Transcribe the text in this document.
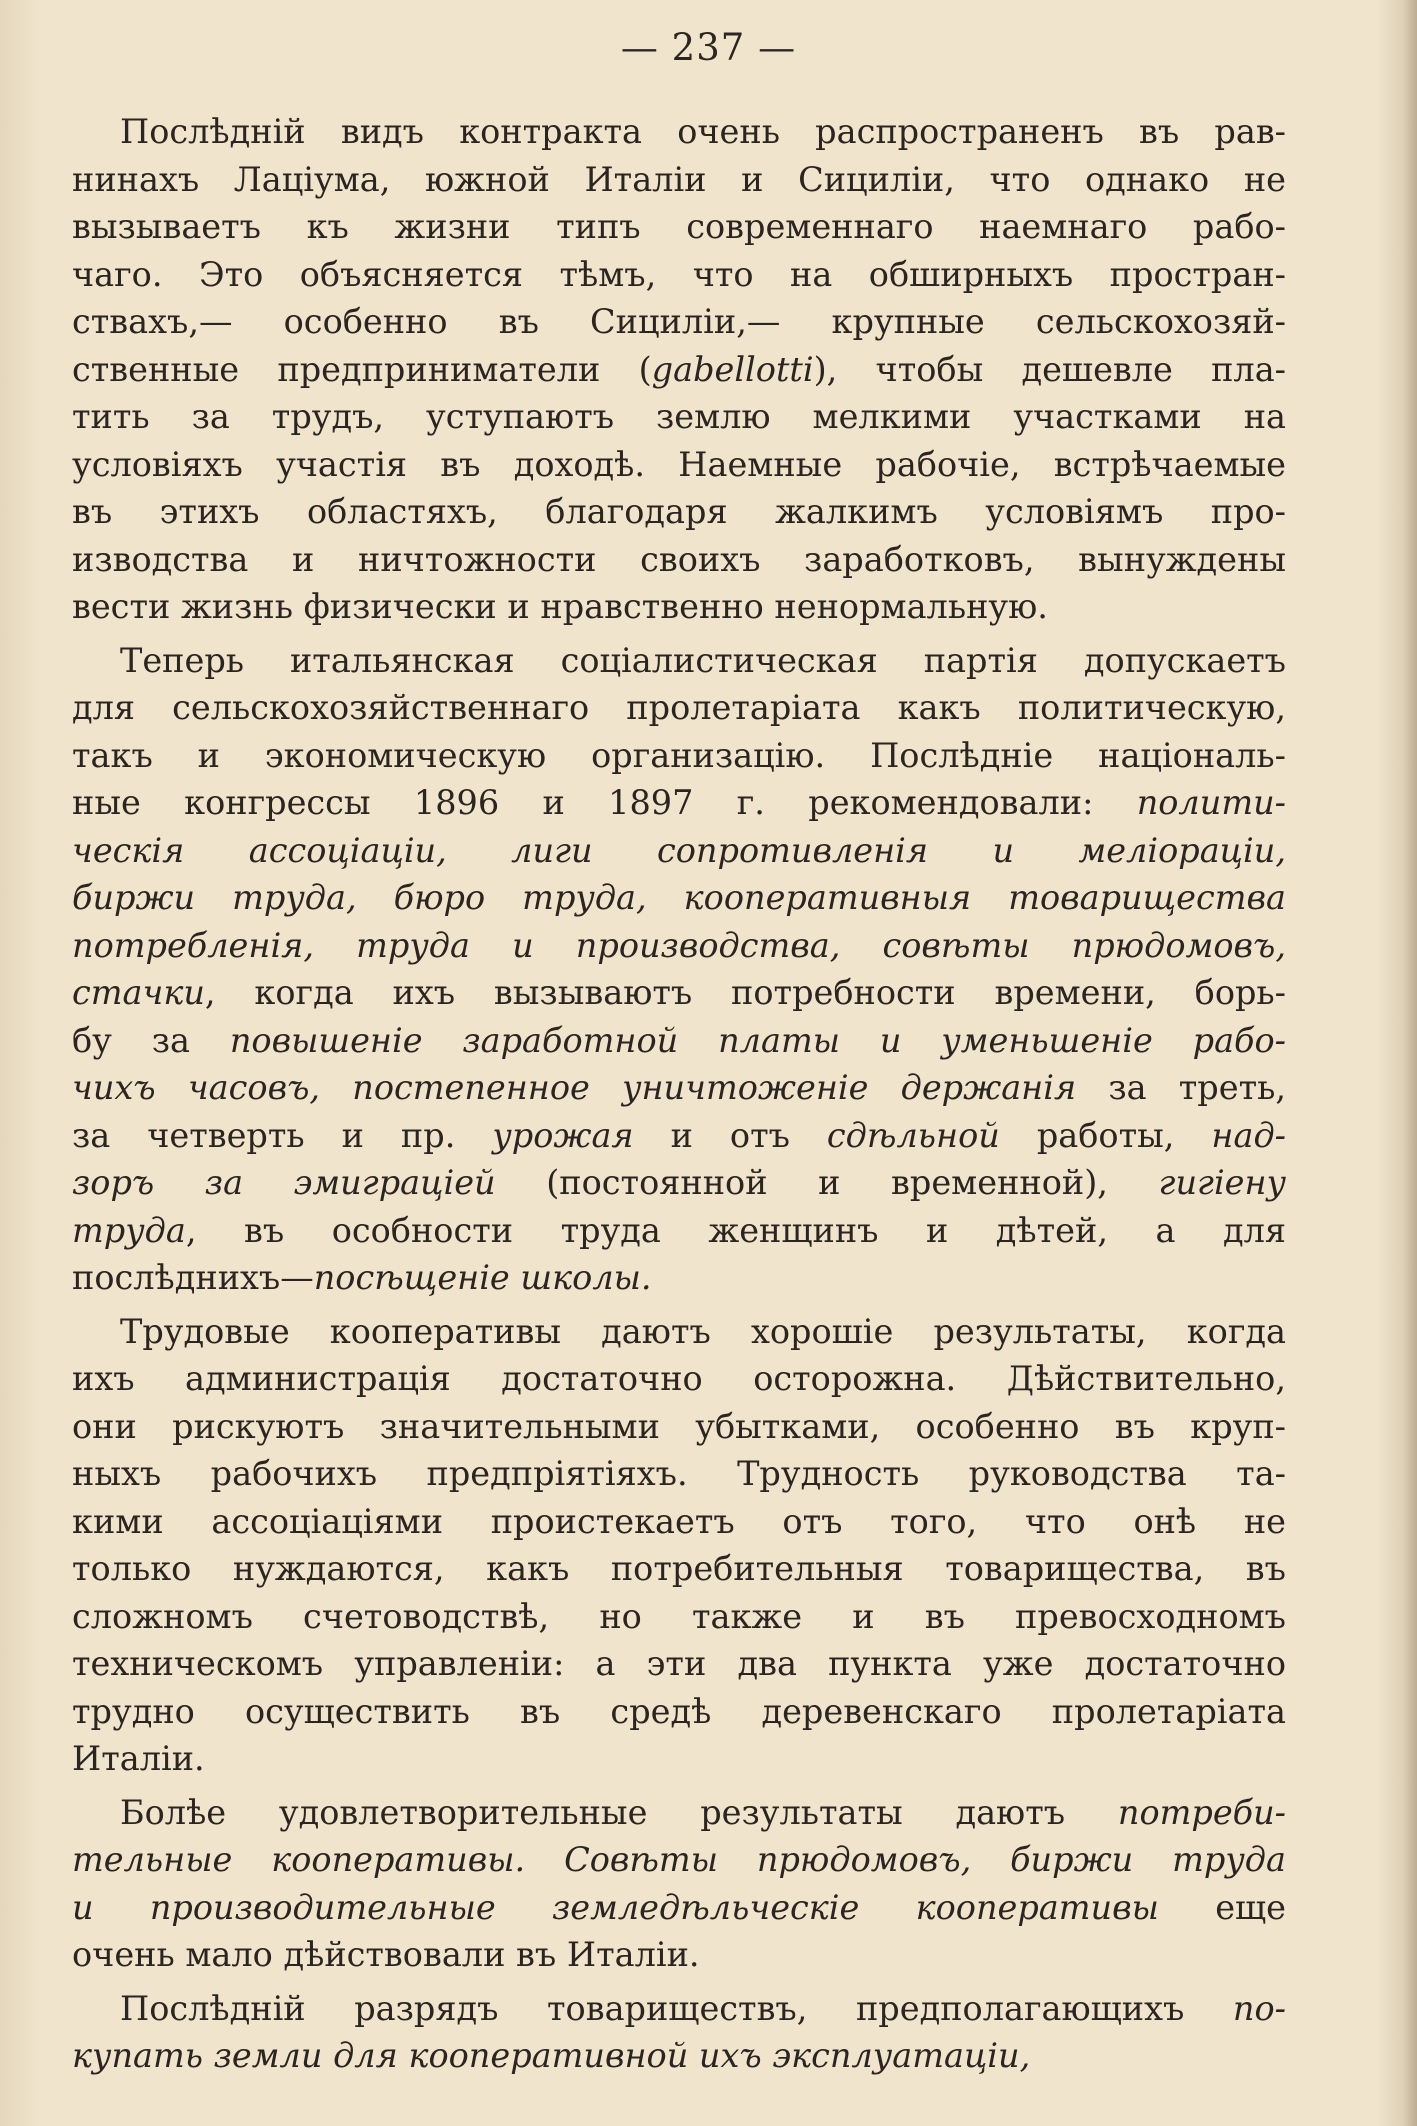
— 237 —
Послѣдній видъ контракта очень распространенъ въ рав-
нинахъ Лаціума, южной Италіи и Сициліи, что однако не
вызываетъ къ жизни типъ современнаго наемнаго рабо-
чаго. Это объясняется тѣмъ, что на обширныхъ простран-
ствахъ,— особенно въ Сициліи,— крупные сельскохозяй-
ственные предприниматели (gabellotti), чтобы дешевле пла-
тить за трудъ, уступаютъ землю мелкими участками на
условіяхъ участія въ доходѣ. Наемные рабочіе, встрѣчаемые
въ этихъ областяхъ, благодаря жалкимъ условіямъ про-
изводства и ничтожности своихъ заработковъ, вынуждены
вести жизнь физически и нравственно ненормальную.
Теперь итальянская соціалистическая партія допускаетъ
для сельскохозяйственнаго пролетаріата какъ политическую,
такъ и экономическую организацію. Послѣдніе національ-
ные конгрессы 1896 и 1897 г. рекомендовали: полити-
ческія ассоціаціи, лиги сопротивленія и меліораціи,
биржи труда, бюро труда, кооперативныя товарищества
потребленія, труда и производства, совѣты прюдомовъ,
стачки, когда ихъ вызываютъ потребности времени, борь-
бу за повышеніе заработной платы и уменьшеніе рабо-
чихъ часовъ, постепенное уничтоженіе держанія за треть,
за четверть и пр. урожая и отъ сдѣльной работы, над-
зоръ за эмиграціей (постоянной и временной), гигіену
труда, въ особности труда женщинъ и дѣтей, а для
послѣднихъ—посѣщеніе школы.
Трудовые кооперативы даютъ хорошіе результаты, когда
ихъ администрація достаточно осторожна. Дѣйствительно,
они рискуютъ значительными убытками, особенно въ круп-
ныхъ рабочихъ предпріятіяхъ. Трудность руководства та-
кими ассоціаціями проистекаетъ отъ того, что онѣ не
только нуждаются, какъ потребительныя товарищества, въ
сложномъ счетоводствѣ, но также и въ превосходномъ
техническомъ управленіи: а эти два пункта уже достаточно
трудно осуществить въ средѣ деревенскаго пролетаріата
Италіи.
Болѣе удовлетворительные результаты даютъ потреби-
тельные кооперативы. Совѣты прюдомовъ, биржи труда
и производительные земледѣльческіе кооперативы еще
очень мало дѣйствовали въ Италіи.
Послѣдній разрядъ товариществъ, предполагающихъ по-
купать земли для кооперативной ихъ эксплуатаціи,
